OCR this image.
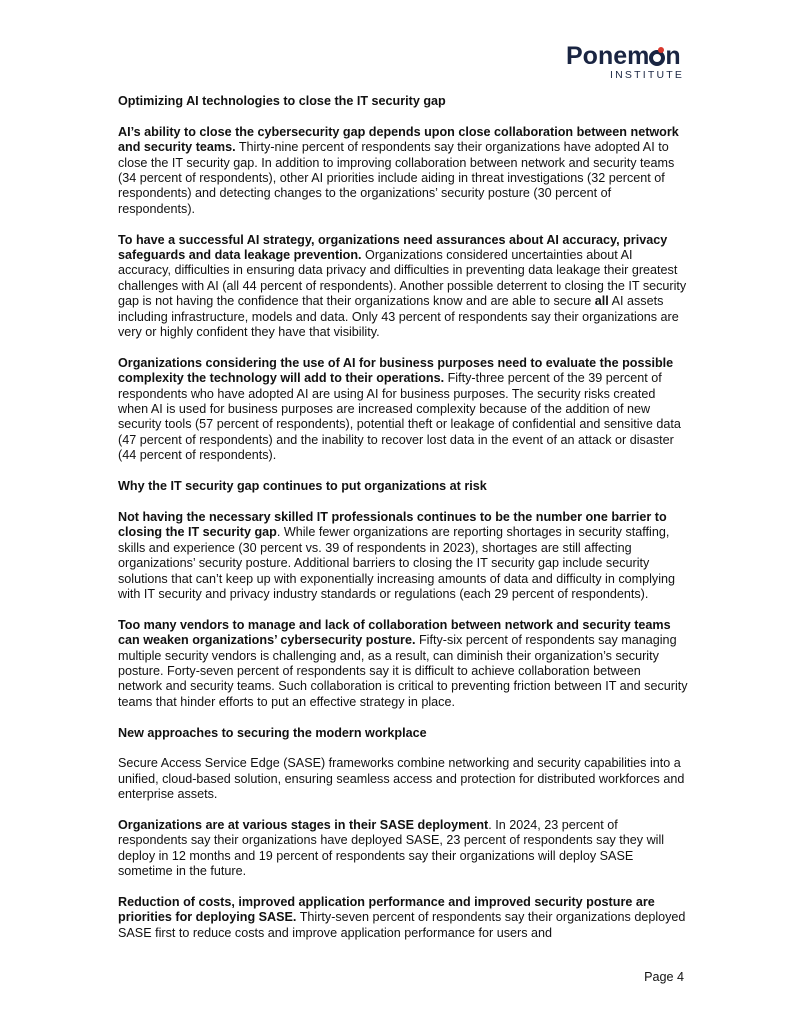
Ponem n
INSTITUTE
Optimizing AI technologies to close the IT security gap

AI’s ability to close the cybersecurity gap depends upon close collaboration between network and security teams. Thirty-nine percent of respondents say their organizations have adopted AI to close the IT security gap. In addition to improving collaboration between network and security teams (34 percent of respondents), other AI priorities include aiding in threat investigations (32 percent of respondents) and detecting changes to the organizations’ security posture (30 percent of respondents).

To have a successful AI strategy, organizations need assurances about AI accuracy, privacy safeguards and data leakage prevention. Organizations considered uncertainties about AI accuracy, difficulties in ensuring data privacy and difficulties in preventing data leakage their greatest challenges with AI (all 44 percent of respondents). Another possible deterrent to closing the IT security gap is not having the confidence that their organizations know and are able to secure all AI assets including infrastructure, models and data. Only 43 percent of respondents say their organizations are very or highly confident they have that visibility.

Organizations considering the use of AI for business purposes need to evaluate the possible complexity the technology will add to their operations. Fifty-three percent of the 39 percent of respondents who have adopted AI are using AI for business purposes. The security risks created when AI is used for business purposes are increased complexity because of the addition of new security tools (57 percent of respondents), potential theft or leakage of confidential and sensitive data (47 percent of respondents) and the inability to recover lost data in the event of an attack or disaster (44 percent of respondents).

Why the IT security gap continues to put organizations at risk

Not having the necessary skilled IT professionals continues to be the number one barrier to closing the IT security gap. While fewer organizations are reporting shortages in security staffing, skills and experience (30 percent vs. 39 of respondents in 2023), shortages are still affecting organizations’ security posture. Additional barriers to closing the IT security gap include security solutions that can’t keep up with exponentially increasing amounts of data and difficulty in complying with IT security and privacy industry standards or regulations (each 29 percent of respondents).

Too many vendors to manage and lack of collaboration between network and security teams can weaken organizations’ cybersecurity posture. Fifty-six percent of respondents say managing multiple security vendors is challenging and, as a result, can diminish their organization’s security posture. Forty-seven percent of respondents say it is difficult to achieve collaboration between network and security teams. Such collaboration is critical to preventing friction between IT and security teams that hinder efforts to put an effective strategy in place.

New approaches to securing the modern workplace

Secure Access Service Edge (SASE) frameworks combine networking and security capabilities into a unified, cloud-based solution, ensuring seamless access and protection for distributed workforces and enterprise assets.

Organizations are at various stages in their SASE deployment. In 2024, 23 percent of respondents say their organizations have deployed SASE, 23 percent of respondents say they will deploy in 12 months and 19 percent of respondents say their organizations will deploy SASE sometime in the future.

Reduction of costs, improved application performance and improved security posture are priorities for deploying SASE. Thirty-seven percent of respondents say their organizations deployed SASE first to reduce costs and improve application performance for users and

Page 4
